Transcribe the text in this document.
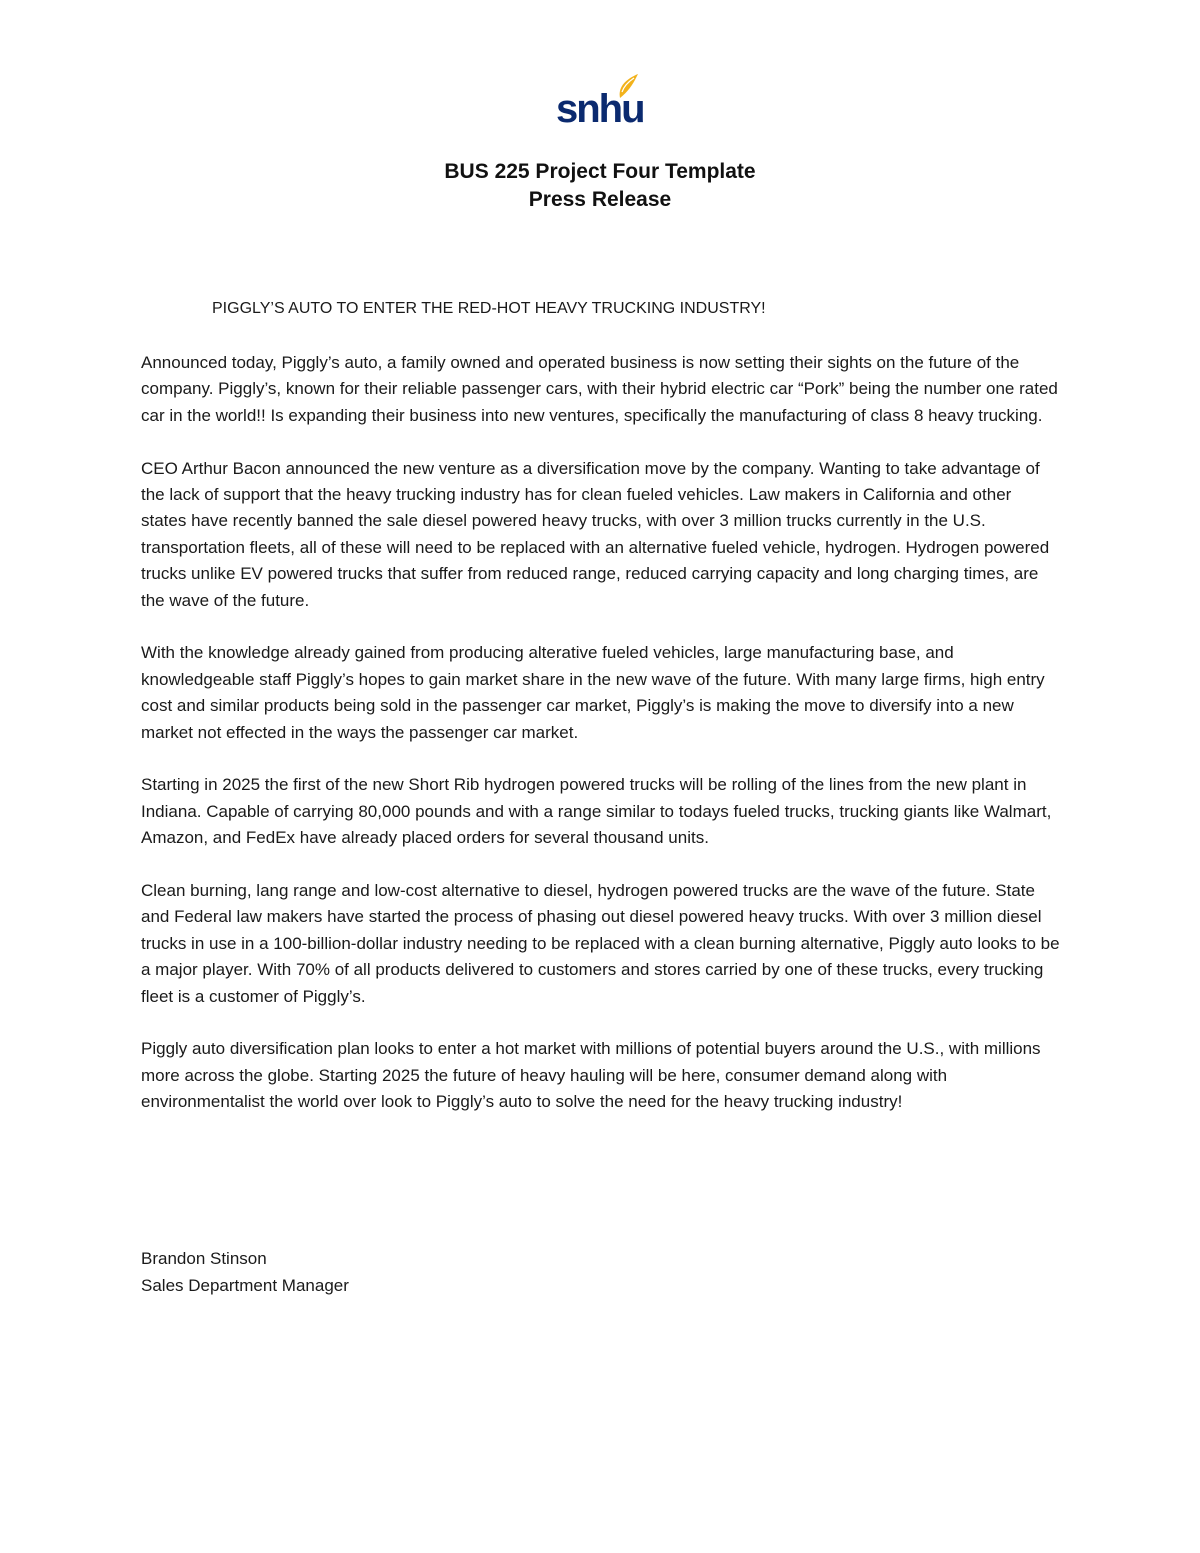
snhu
BUS 225 Project Four Template
Press Release
PIGGLY’S AUTO TO ENTER THE RED-HOT HEAVY TRUCKING INDUSTRY!

Announced today, Piggly’s auto, a family owned and operated business is now setting their sights on the future of the company. Piggly’s, known for their reliable passenger cars, with their hybrid electric car “Pork” being the number one rated car in the world!! Is expanding their business into new ventures, specifically the manufacturing of class 8 heavy trucking.

CEO Arthur Bacon announced the new venture as a diversification move by the company. Wanting to take advantage of the lack of support that the heavy trucking industry has for clean fueled vehicles. Law makers in California and other states have recently banned the sale diesel powered heavy trucks, with over 3 million trucks currently in the U.S. transportation fleets, all of these will need to be replaced with an alternative fueled vehicle, hydrogen. Hydrogen powered trucks unlike EV powered trucks that suffer from reduced range, reduced carrying capacity and long charging times, are the wave of the future.

With the knowledge already gained from producing alterative fueled vehicles, large manufacturing base, and knowledgeable staff Piggly’s hopes to gain market share in the new wave of the future. With many large firms, high entry cost and similar products being sold in the passenger car market, Piggly’s is making the move to diversify into a new market not effected in the ways the passenger car market.

Starting in 2025 the first of the new Short Rib hydrogen powered trucks will be rolling of the lines from the new plant in Indiana. Capable of carrying 80,000 pounds and with a range similar to todays fueled trucks, trucking giants like Walmart, Amazon, and FedEx have already placed orders for several thousand units.

Clean burning, lang range and low-cost alternative to diesel, hydrogen powered trucks are the wave of the future. State and Federal law makers have started the process of phasing out diesel powered heavy trucks. With over 3 million diesel trucks in use in a 100-billion-dollar industry needing to be replaced with a clean burning alternative, Piggly auto looks to be a major player. With 70% of all products delivered to customers and stores carried by one of these trucks, every trucking fleet is a customer of Piggly’s.

Piggly auto diversification plan looks to enter a hot market with millions of potential buyers around the U.S., with millions more across the globe. Starting 2025 the future of heavy hauling will be here, consumer demand along with environmentalist the world over look to Piggly’s auto to solve the need for the heavy trucking industry!

Brandon Stinson
Sales Department Manager
